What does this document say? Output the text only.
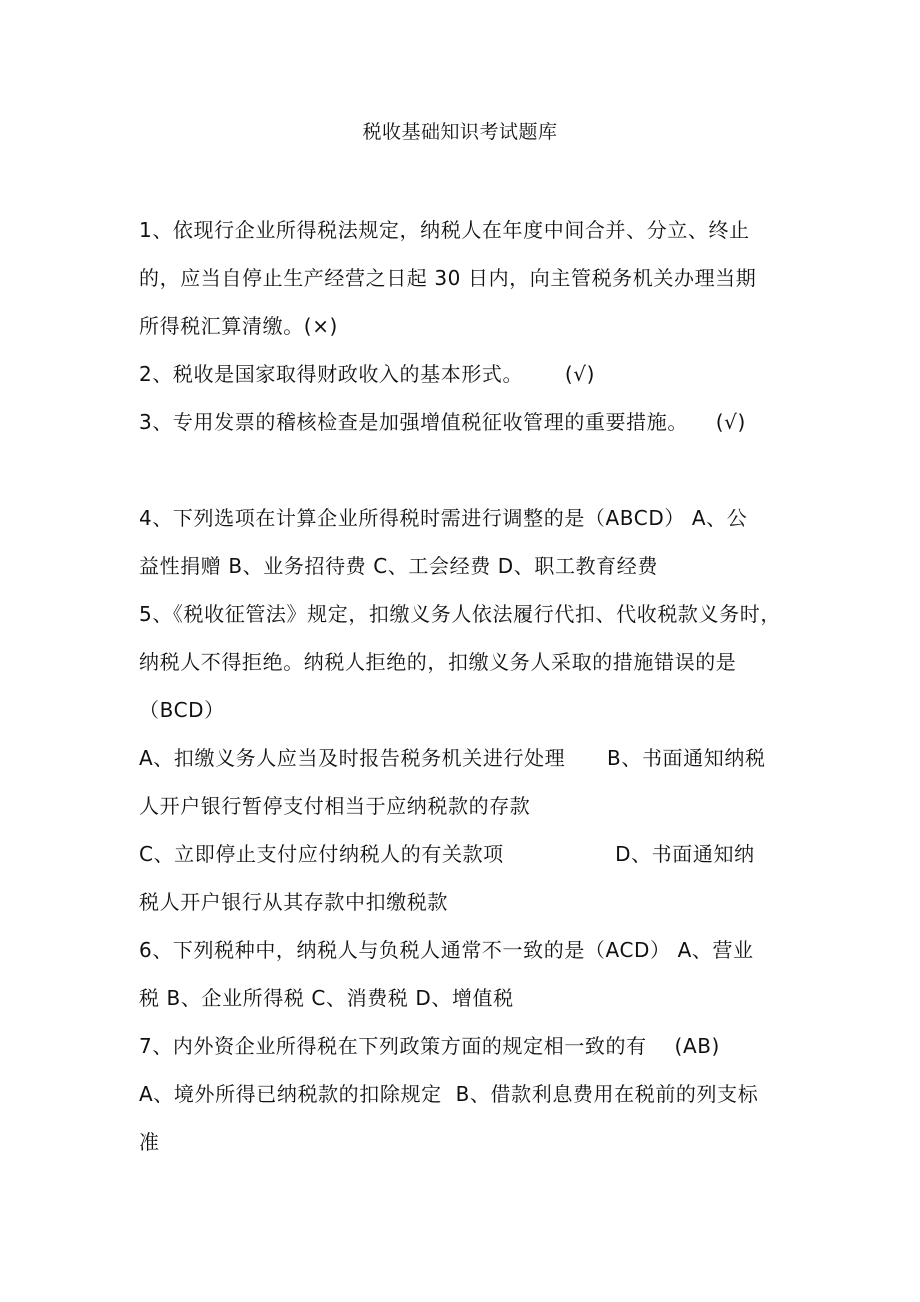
税收基础知识考试题库
1、依现行企业所得税法规定，纳税人在年度中间合并、分立、终止
的，应当自停止生产经营之日起 30 日内，向主管税务机关办理当期
所得税汇算清缴。(×)
2、税收是国家取得财政收入的基本形式。      (√)
3、专用发票的稽核检查是加强增值税征收管理的重要措施。    (√)
4、下列选项在计算企业所得税时需进行调整的是（ABCD） A、公
益性捐赠 B、业务招待费 C、工会经费 D、职工教育经费
5、《税收征管法》规定，扣缴义务人依法履行代扣、代收税款义务时，
纳税人不得拒绝。纳税人拒绝的，扣缴义务人采取的措施错误的是
（BCD）
A、扣缴义务人应当及时报告税务机关进行处理      B、书面通知纳税
人开户银行暂停支付相当于应纳税款的存款
C、立即停止支付应付纳税人的有关款项                D、书面通知纳
税人开户银行从其存款中扣缴税款
6、下列税种中，纳税人与负税人通常不一致的是（ACD） A、营业
税 B、企业所得税 C、消费税 D、增值税
7、内外资企业所得税在下列政策方面的规定相一致的有    (AB)
A、境外所得已纳税款的扣除规定  B、借款利息费用在税前的列支标
准
